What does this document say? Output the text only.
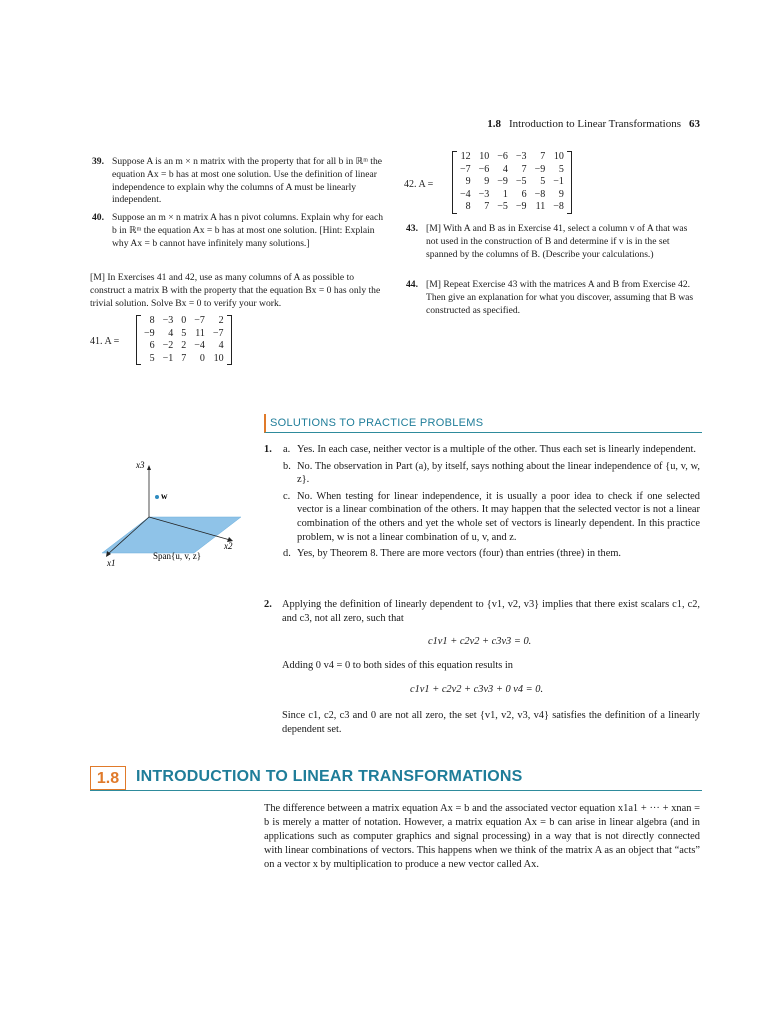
1.8 Introduction to Linear Transformations 63
39. Suppose A is an m × n matrix with the property that for all b in ℝᵐ the equation Ax = b has at most one solution. Use the definition of linear independence to explain why the columns of A must be linearly independent.

40. Suppose an m × n matrix A has n pivot columns. Explain why for each b in ℝᵐ the equation Ax = b has at most one solution. [Hint: Explain why Ax = b cannot have infinitely many solutions.]

[M] In Exercises 41 and 42, use as many columns of A as possible to construct a matrix B with the property that the equation Bx = 0 has only the trivial solution. Solve Bx = 0 to verify your work.

41. A =
8	−3	0	−7	2
−9	4	5	11	−7
6	−2	2	−4	4
5	−1	7	0	10
42. A =
12	10	−6	−3	7	10
−7	−6	4	7	−9	5
9	9	−9	−5	5	−1
−4	−3	1	6	−8	9
8	7	−5	−9	11	−8
43. [M] With A and B as in Exercise 41, select a column v of A that was not used in the construction of B and determine if v is in the set spanned by the columns of B. (Describe your calculations.)

44. [M] Repeat Exercise 43 with the matrices A and B from Exercise 42. Then give an explanation for what you discover, assuming that B was constructed as specified.

SOLUTIONS TO PRACTICE PROBLEMS
x3
x2
x1
w
Span{u, v, z}
1. a. Yes. In each case, neither vector is a multiple of the other. Thus each set is linearly independent.
b. No. The observation in Part (a), by itself, says nothing about the linear independence of {u, v, w, z}.
c. No. When testing for linear independence, it is usually a poor idea to check if one selected vector is a linear combination of the others. It may happen that the selected vector is not a linear combination of the others and yet the whole set of vectors is linearly dependent. In this practice problem, w is not a linear combination of u, v, and z.
d. Yes, by Theorem 8. There are more vectors (four) than entries (three) in them.
2. Applying the definition of linearly dependent to {v1, v2, v3} implies that there exist scalars c1, c2, and c3, not all zero, such that
c1v1 + c2v2 + c3v3 = 0.
Adding 0 v4 = 0 to both sides of this equation results in
c1v1 + c2v2 + c3v3 + 0 v4 = 0.
Since c1, c2, c3 and 0 are not all zero, the set {v1, v2, v3, v4} satisfies the definition of a linearly dependent set.
1.8	INTRODUCTION TO LINEAR TRANSFORMATIONS
The difference between a matrix equation Ax = b and the associated vector equation x1a1 + ··· + xnan = b is merely a matter of notation. However, a matrix equation Ax = b can arise in linear algebra (and in applications such as computer graphics and signal processing) in a way that is not directly connected with linear combinations of vectors. This happens when we think of the matrix A as an object that “acts” on a vector x by multiplication to produce a new vector called Ax.
